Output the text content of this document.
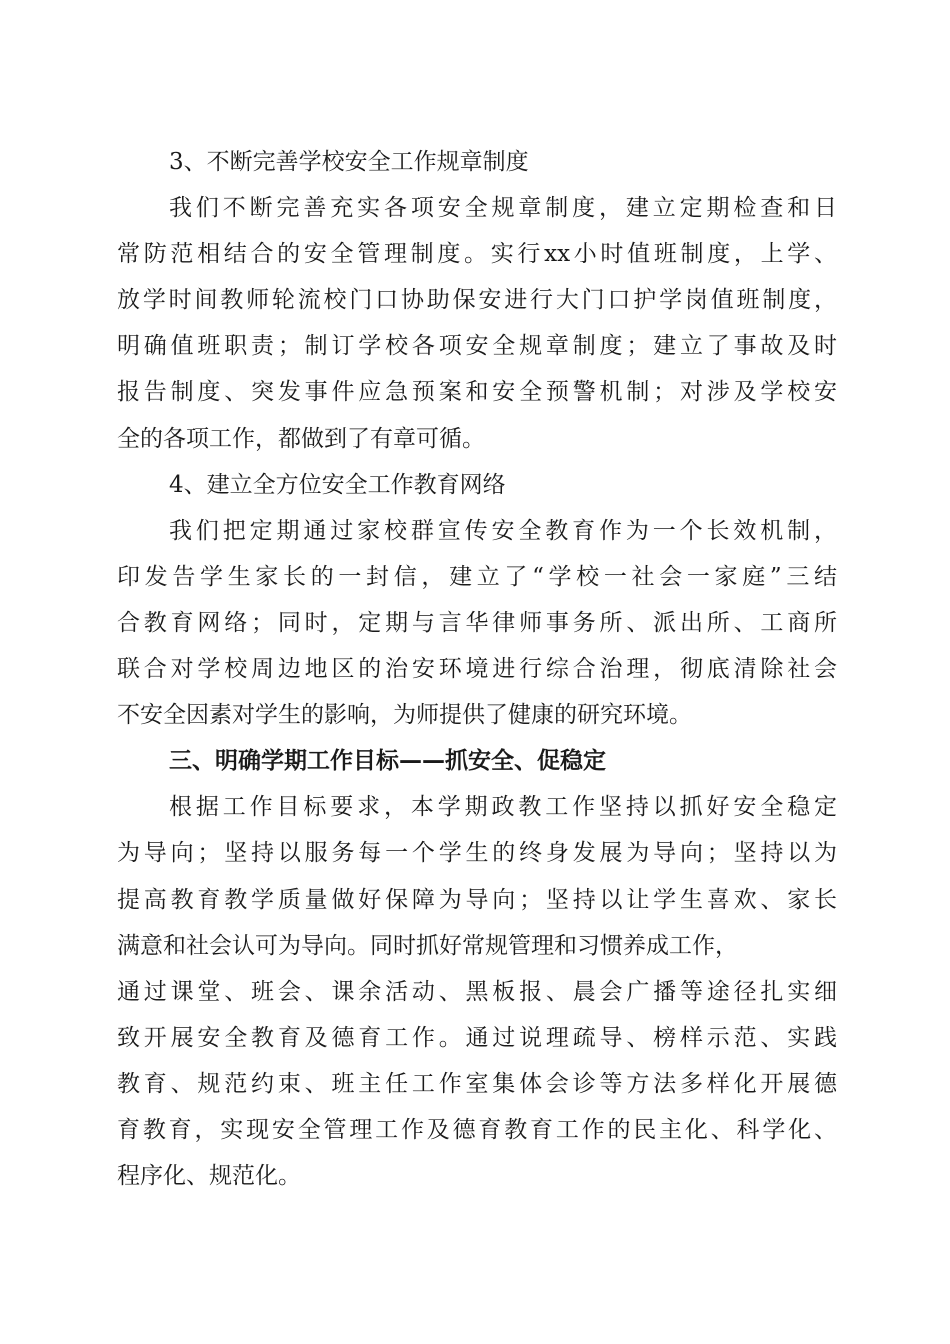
3、不断完善学校安全工作规章制度
我们不断完善充实各项安全规章制度，建立定期检查和日
常防范相结合的安全管理制度。实行xx小时值班制度，上学、
放学时间教师轮流校门口协助保安进行大门口护学岗值班制度，
明确值班职责；制订学校各项安全规章制度；建立了事故及时
报告制度、突发事件应急预案和安全预警机制；对涉及学校安
全的各项工作，都做到了有章可循。
4、建立全方位安全工作教育网络
我们把定期通过家校群宣传安全教育作为一个长效机制，
印发告学生家长的一封信，建立了“学校一社会一家庭”三结
合教育网络；同时，定期与言华律师事务所、派出所、工商所
联合对学校周边地区的治安环境进行综合治理，彻底清除社会
不安全因素对学生的影响，为师提供了健康的研究环境。
三、明确学期工作目标——抓安全、促稳定
根据工作目标要求，本学期政教工作坚持以抓好安全稳定
为导向；坚持以服务每一个学生的终身发展为导向；坚持以为
提高教育教学质量做好保障为导向；坚持以让学生喜欢、家长
满意和社会认可为导向。同时抓好常规管理和习惯养成工作，
通过课堂、班会、课余活动、黑板报、晨会广播等途径扎实细
致开展安全教育及德育工作。通过说理疏导、榜样示范、实践
教育、规范约束、班主任工作室集体会诊等方法多样化开展德
育教育，实现安全管理工作及德育教育工作的民主化、科学化、
程序化、规范化。
